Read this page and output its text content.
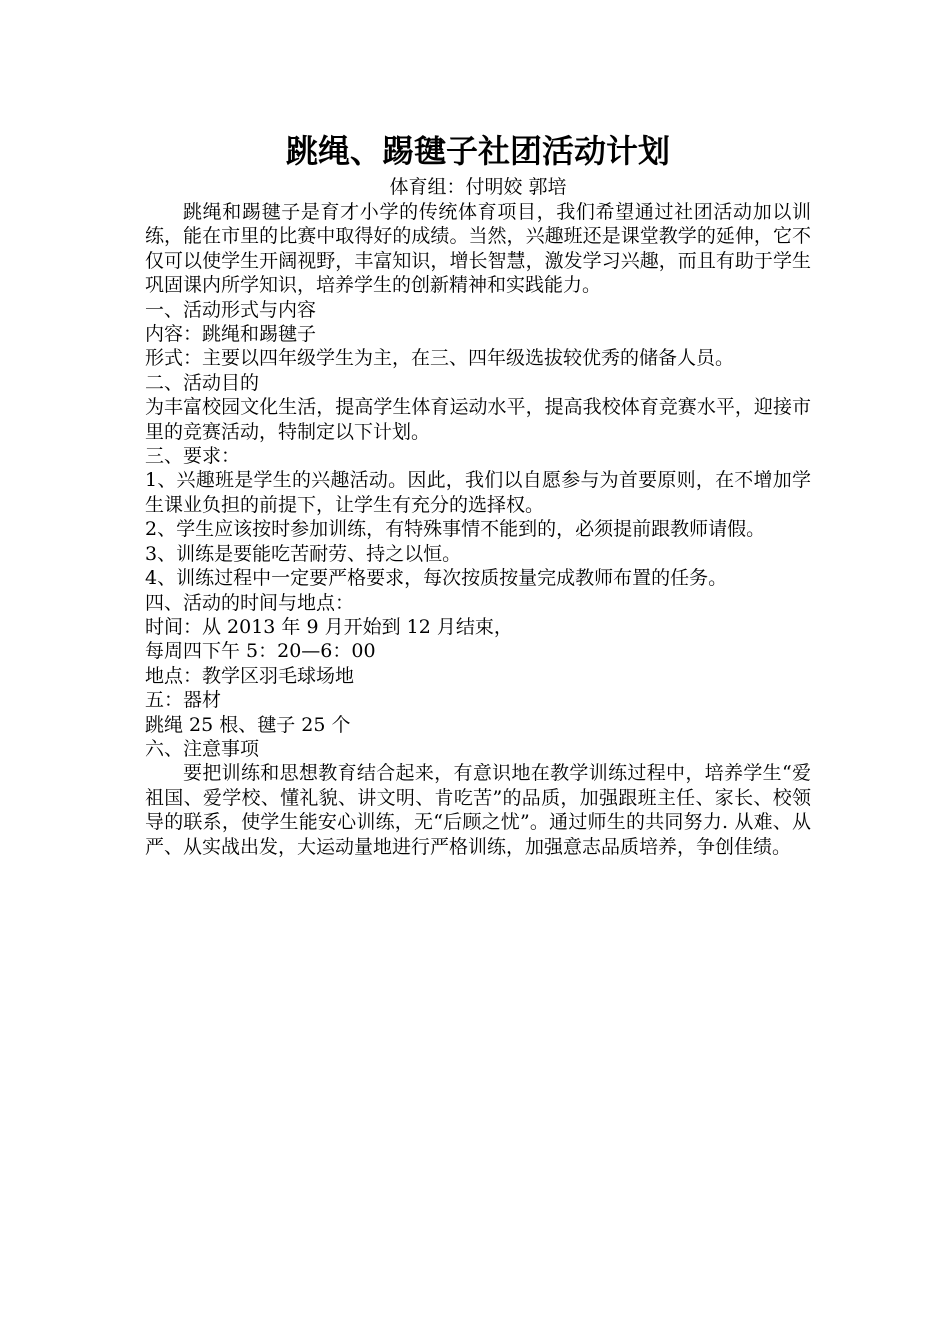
跳绳、踢毽子社团活动计划

体育组：付明姣 郭培

跳绳和踢毽子是育才小学的传统体育项目，我们希望通过社团活动加以训练，能在市里的比赛中取得好的成绩。当然，兴趣班还是课堂教学的延伸，它不仅可以使学生开阔视野，丰富知识，增长智慧，激发学习兴趣，而且有助于学生巩固课内所学知识，培养学生的创新精神和实践能力。

一、活动形式与内容

内容：跳绳和踢毽子

形式：主要以四年级学生为主，在三、四年级选拔较优秀的储备人员。

二、活动目的

为丰富校园文化生活，提高学生体育运动水平，提高我校体育竞赛水平，迎接市里的竞赛活动，特制定以下计划。

三、要求：

1、兴趣班是学生的兴趣活动。因此，我们以自愿参与为首要原则，在不增加学生课业负担的前提下，让学生有充分的选择权。

2、学生应该按时参加训练，有特殊事情不能到的，必须提前跟教师请假。

3、训练是要能吃苦耐劳、持之以恒。

4、训练过程中一定要严格要求，每次按质按量完成教师布置的任务。

四、活动的时间与地点：

时间：从 2013 年 9 月开始到 12 月结束，

每周四下午 5：20—6：00

地点：教学区羽毛球场地

五：器材

跳绳 25 根、毽子 25 个

六、注意事项

要把训练和思想教育结合起来，有意识地在教学训练过程中，培养学生“爱祖国、爱学校、懂礼貌、讲文明、肯吃苦”的品质，加强跟班主任、家长、校领导的联系，使学生能安心训练，无“后顾之忧”。通过师生的共同努力. 从难、从严、从实战出发，大运动量地进行严格训练，加强意志品质培养，争创佳绩。
